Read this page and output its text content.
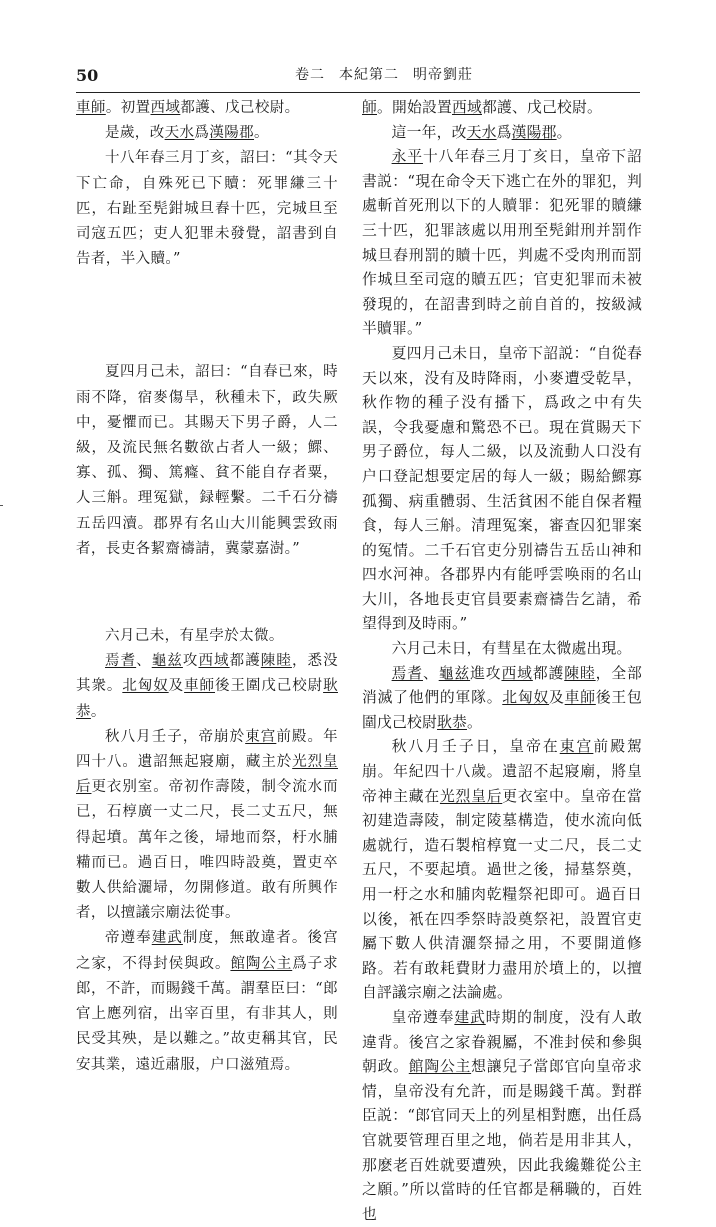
50	卷二 本紀第二 明帝劉莊

車師。初置西域都護、戊己校尉。

是歲，改天水爲漢陽郡。

十八年春三月丁亥，詔曰：“其令天下亡命，自殊死已下贖：死罪縑三十匹，右趾至髡鉗城旦舂十匹，完城旦至司寇五匹；吏人犯罪未發覺，詔書到自告者，半入贖。”

夏四月己未，詔曰：“自春已來，時雨不降，宿麥傷旱，秋種未下，政失厥中，憂懼而已。其賜天下男子爵，人二級，及流民無名數欲占者人一級；鰥、寡、孤、獨、篤癃、貧不能自存者粟，人三斛。理冤獄，録輕繫。二千石分禱五岳四瀆。郡界有名山大川能興雲致雨者，長吏各絜齋禱請，冀蒙嘉澍。”

六月己未，有星孛於太微。

焉耆、龜兹攻西域都護陳睦，悉没其衆。北匈奴及車師後王圍戊己校尉耿恭。

秋八月壬子，帝崩於東宫前殿。年四十八。遺詔無起寢廟，藏主於光烈皇后更衣别室。帝初作壽陵，制令流水而已，石椁廣一丈二尺，長二丈五尺，無得起墳。萬年之後，埽地而祭，杅水脯糒而已。過百日，唯四時設奠，置吏卒數人供給灑埽，勿開修道。敢有所興作者，以擅議宗廟法從事。

帝遵奉建武制度，無敢違者。後宫之家，不得封侯與政。館陶公主爲子求郎，不許，而賜錢千萬。謂羣臣曰：“郎官上應列宿，出宰百里，有非其人，則民受其殃，是以難之。”故吏稱其官，民安其業，遠近肅服，户口滋殖焉。

師。開始設置西域都護、戊己校尉。

這一年，改天水爲漢陽郡。

永平十八年春三月丁亥日，皇帝下詔書説：“現在命令天下逃亡在外的罪犯，判處斬首死刑以下的人贖罪：犯死罪的贖縑三十匹，犯罪該處以用刑至髡鉗刑并罰作城旦舂刑罰的贖十匹，判處不受肉刑而罰作城旦至司寇的贖五匹；官吏犯罪而未被發現的，在詔書到時之前自首的，按級減半贖罪。”

夏四月己未日，皇帝下詔説：“自從春天以來，没有及時降雨，小麥遭受乾旱，秋作物的種子没有播下，爲政之中有失誤，令我憂慮和驚恐不已。現在賞賜天下男子爵位，每人二級，以及流動人口没有户口登記想要定居的每人一級；賜給鰥寡孤獨、病重體弱、生活貧困不能自保者糧食，每人三斛。清理冤案，審查囚犯罪案的冤情。二千石官吏分别禱告五岳山神和四水河神。各郡界内有能呼雲唤雨的名山大川，各地長吏官員要素齋禱告乞請，希望得到及時雨。”

六月己未日，有彗星在太微處出現。

焉耆、龜兹進攻西域都護陳睦，全部消滅了他們的軍隊。北匈奴及車師後王包圍戊己校尉耿恭。

秋八月壬子日，皇帝在東宫前殿駕崩。年紀四十八歲。遺詔不起寢廟，將皇帝神主藏在光烈皇后更衣室中。皇帝在當初建造壽陵，制定陵墓構造，使水流向低處就行，造石製棺椁寬一丈二尺，長二丈五尺，不要起墳。過世之後，掃墓祭奠，用一杅之水和脯肉乾糧祭祀即可。過百日以後，衹在四季祭時設奠祭祀，設置官吏屬下數人供清灑祭掃之用，不要開道修路。若有敢耗費財力盡用於墳上的，以擅自評議宗廟之法論處。

皇帝遵奉建武時期的制度，没有人敢違背。後宫之家眷親屬，不准封侯和參與朝政。館陶公主想讓兒子當郎官向皇帝求情，皇帝没有允許，而是賜錢千萬。對群臣説：“郎官同天上的列星相對應，出任爲官就要管理百里之地，倘若是用非其人，那麽老百姓就要遭殃，因此我纔難從公主之願。”所以當時的任官都是稱職的，百姓也
